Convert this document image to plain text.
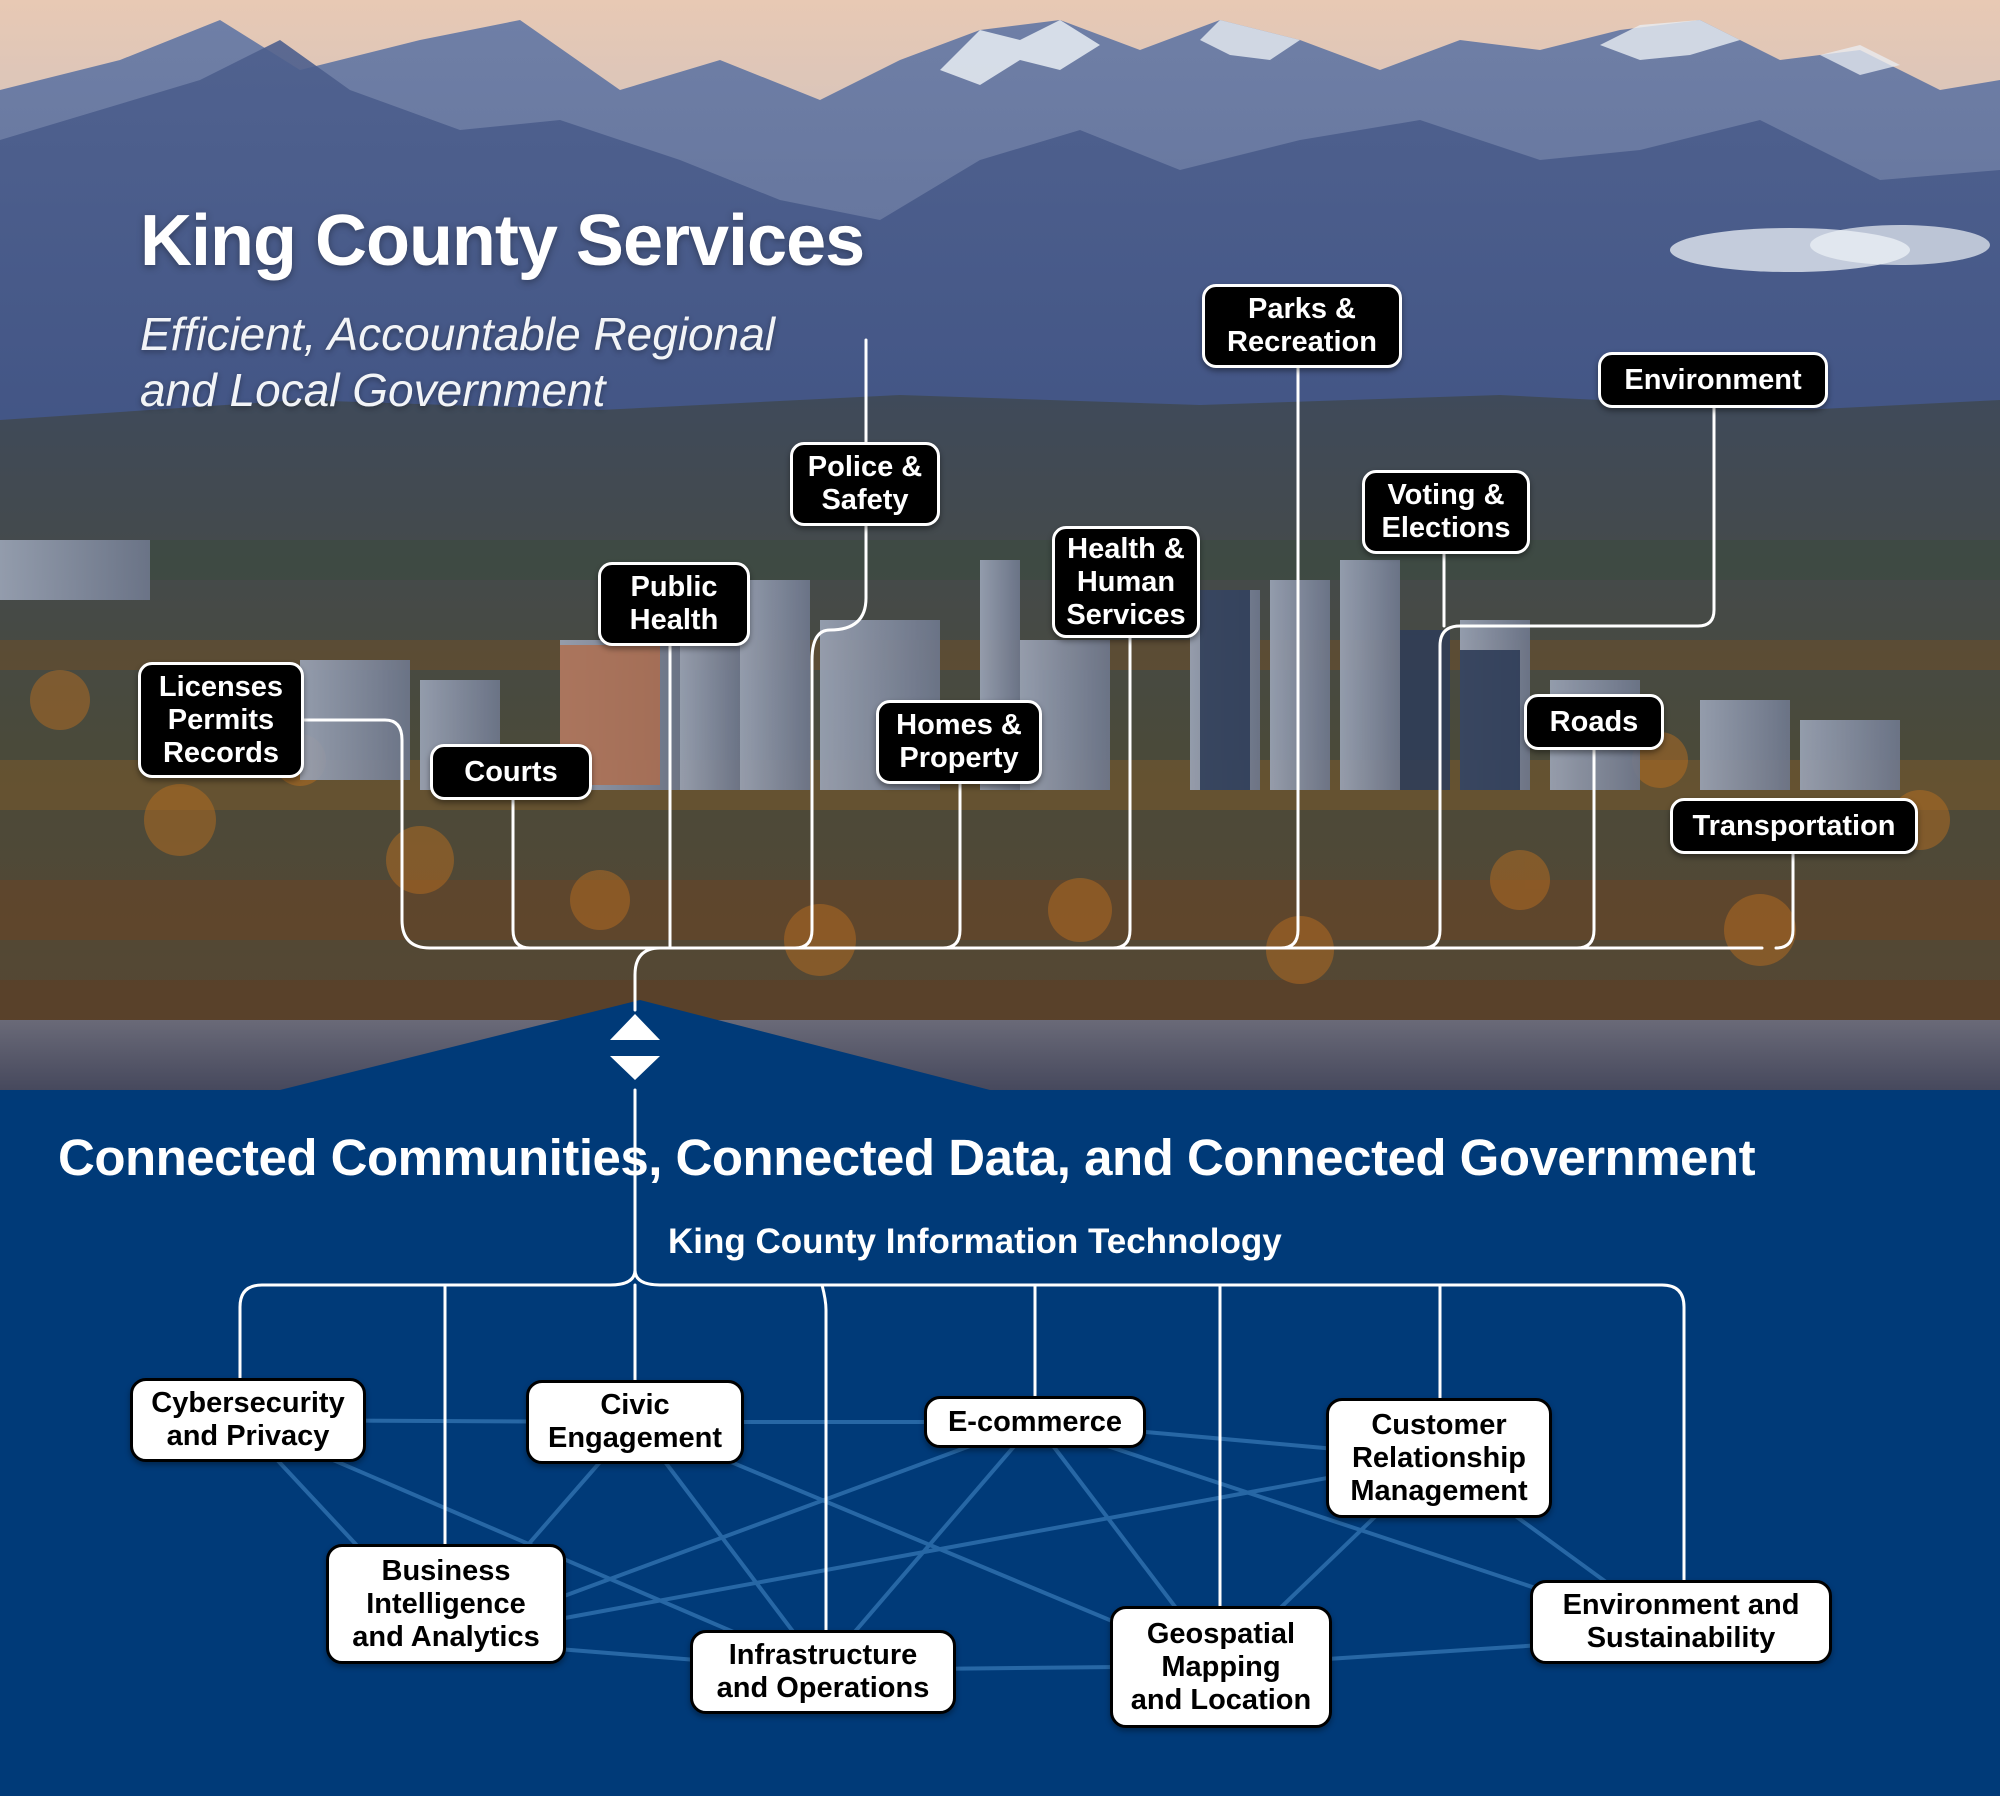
King County Services
Efficient, Accountable Regional
and Local Government
Licenses
Permits
Records
Courts
Public
Health
Police &
Safety
Homes &
Property
Health &
Human
Services
Parks &
Recreation
Voting &
Elections
Environment
Roads
Transportation
Connected Communities, Connected Data, and Connected Government
King County Information Technology
Cybersecurity
and Privacy
Civic
Engagement
E-commerce	Customer
Relationship
Management
Business
Intelligence
and Analytics
Infrastructure
and Operations
Geospatial
Mapping
and Location
Environment and
Sustainability
